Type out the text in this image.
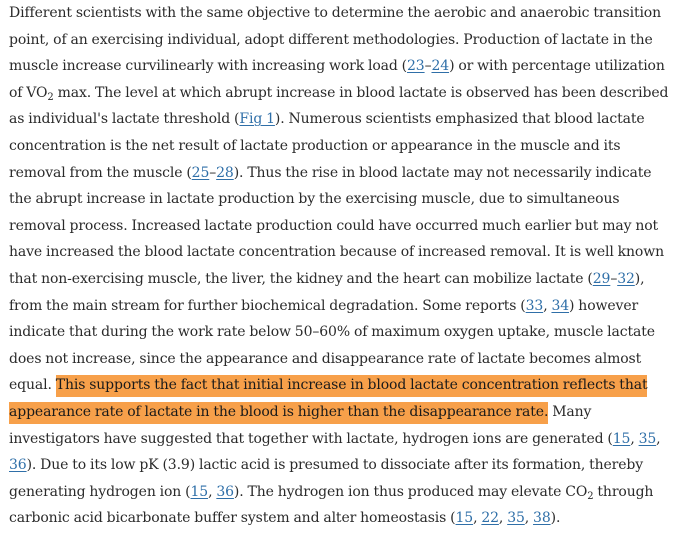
Different scientists with the same objective to determine the aerobic and anaerobic transition point, of an exercising individual, adopt different methodologies. Production of lactate in the muscle increase curvilinearly with increasing work load (23–24) or with percentage utilization of $VO_2$ max. The level at which abrupt increase in blood lactate is observed has been described as individual's lactate threshold (Fig 1). Numerous scientists emphasized that blood lactate concentration is the net result of lactate production or appearance in the muscle and its removal from the muscle (25–28). Thus the rise in blood lactate may not necessarily indicate the abrupt increase in lactate production by the exercising muscle, due to simultaneous removal process. Increased lactate production could have occurred much earlier but may not have increased the blood lactate concentration because of increased removal. It is well known that non-exercising muscle, the liver, the kidney and the heart can mobilize lactate (29–32), from the main stream for further biochemical degradation. Some reports (33, 34) however indicate that during the work rate below 50–60% of maximum oxygen uptake, muscle lactate does not increase, since the appearance and disappearance rate of lactate becomes almost equal. This supports the fact that initial increase in blood lactate concentration reflects that appearance rate of lactate in the blood is higher than the disappearance rate. Many investigators have suggested that together with lactate, hydrogen ions are generated (15, 35, 36). Due to its low pK (3.9) lactic acid is presumed to dissociate after its formation, thereby generating hydrogen ion (15, 36). The hydrogen ion thus produced may elevate $CO_2$ through carbonic acid bicarbonate buffer system and alter homeostasis (15, 22, 35, 38).
